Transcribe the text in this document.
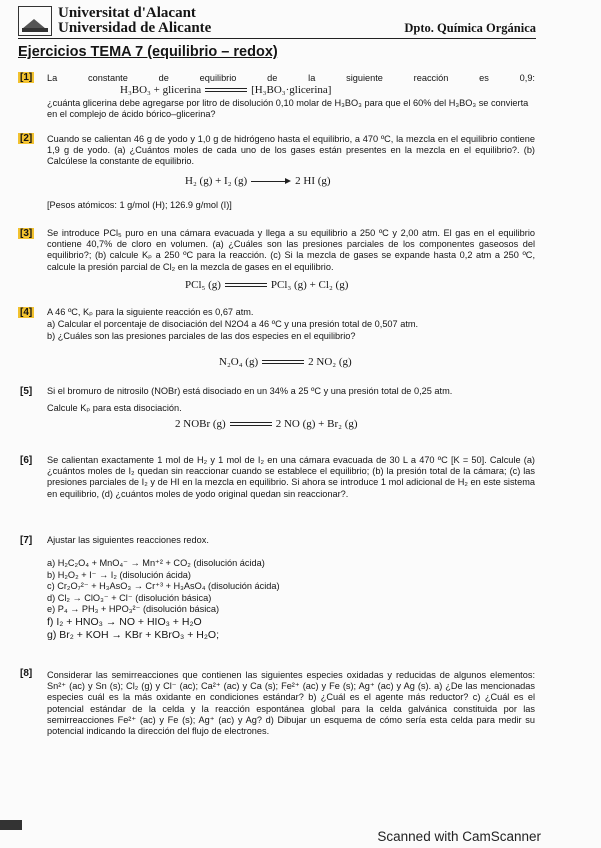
Universitat d'Alacant
Universidad de Alicante	Dpto. Química Orgánica
Ejercicios TEMA 7 (equilibrio – redox)
[1] La constante de equilibrio de la siguiente reacción es 0,9:
H₃BO₃ + glicerina	[H₃BO₃·glicerina]
¿cuánta glicerina debe agregarse por litro de disolución 0,10 molar de H₃BO₃ para que el 60% del H₃BO₃ se convierta en el complejo de ácido bórico–glicerina?
[2] Cuando se calientan 46 g de yodo y 1,0 g de hidrógeno hasta el equilibrio, a 470 ºC, la mezcla en el equilibrio contiene 1,9 g de yodo. (a) ¿Cuántos moles de cada uno de los gases están presentes en la mezcla en el equilibrio?. (b) Calcúlese la constante de equilibrio.
H₂ (g) + I₂ (g)	2 HI (g)
[Pesos atómicos: 1 g/mol (H); 126.9 g/mol (I)]
[3] Se introduce PCl₅ puro en una cámara evacuada y llega a su equilibrio a 250 ºC y 2,00 atm. El gas en el equilibrio contiene 40,7% de cloro en volumen. (a) ¿Cuáles son las presiones parciales de los componentes gaseosos del equilibrio?; (b) calcule Kₚ a 250 ºC para la reacción. (c) Si la mezcla de gases se expande hasta 0,2 atm a 250 ºC, calcule la presión parcial de Cl₂ en la mezcla de gases en el equilibrio.
PCl₅ (g)	PCl₃ (g) + Cl₂ (g)
[4] A 46 ºC, Kₚ para la siguiente reacción es 0,67 atm.
a) Calcular el porcentaje de disociación del N2O4 a 46 ºC y una presión total de 0,507 atm.
b) ¿Cuáles son las presiones parciales de las dos especies en el equilibrio?
N₂O₄ (g)	2 NO₂ (g)
[5] Si el bromuro de nitrosilo (NOBr) está disociado en un 34% a 25 ºC y una presión total de 0,25 atm.
Calcule Kₚ para esta disociación.
2 NOBr (g)	2 NO (g) + Br₂ (g)
[6] Se calientan exactamente 1 mol de H₂ y 1 mol de I₂ en una cámara evacuada de 30 L a 470 ºC [K = 50]. Calcule (a) ¿cuántos moles de I₂ quedan sin reaccionar cuando se establece el equilibrio; (b) la presión total de la cámara; (c) las presiones parciales de I₂ y de HI en la mezcla en equilibrio. Si ahora se introduce 1 mol adicional de H₂ en este sistema en equilibrio, (d) ¿cuántos moles de yodo original quedan sin reaccionar?.
[7] Ajustar las siguientes reacciones redox.
a) H₂C₂O₄ + MnO₄⁻ → Mn⁺² + CO₂ (disolución ácida)
b) H₂O₂ + I⁻ → I₂ (disolución ácida)
c) Cr₂O₇²⁻ + H₃AsO₃ → Cr⁺³ + H₃AsO₄ (disolución ácida)
d) Cl₂ → ClO₃⁻ + Cl⁻ (disolución básica)
e) P₄ → PH₃ + HPO₃²⁻ (disolución básica)
f) I₂ + HNO₃ → NO + HIO₃ + H₂O
g) Br₂ + KOH → KBr + KBrO₃ + H₂O;
[8] Considerar las semirreacciones que contienen las siguientes especies oxidadas y reducidas de algunos elementos: Sn²⁺ (ac) y Sn (s); Cl₂ (g) y Cl⁻ (ac); Ca²⁺ (ac) y Ca (s); Fe²⁺ (ac) y Fe (s); Ag⁺ (ac) y Ag (s). a) ¿De las mencionadas especies cuál es la más oxidante en condiciones estándar? b) ¿Cuál es el agente más reductor? c) ¿Cuál es el potencial estándar de la celda y la reacción espontánea global para la celda galvánica constituida por las semirreacciones Fe²⁺ (ac) y Fe (s); Ag⁺ (ac) y Ag? d) Dibujar un esquema de cómo sería esta celda para medir su potencial indicando la dirección del flujo de electrones.
Scanned with CamScanner
